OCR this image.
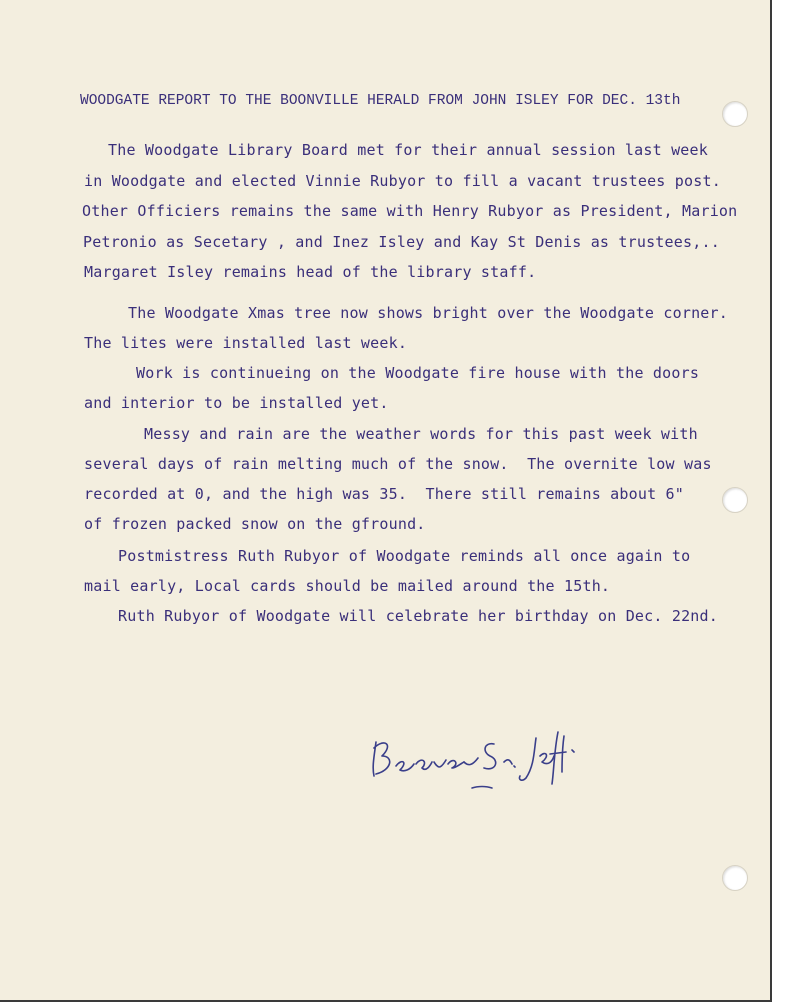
WOODGATE REPORT TO THE BOONVILLE HERALD FROM JOHN ISLEY FOR DEC. 13th
The Woodgate Library Board met for their annual session last week
in Woodgate and elected Vinnie Rubyor to fill a vacant trustees post.
Other Officiers remains the same with Henry Rubyor as President, Marion
Petronio as Secetary , and Inez Isley and Kay St Denis as trustees,..
Margaret Isley remains head of the library staff.
The Woodgate Xmas tree now shows bright over the Woodgate corner.
The lites were installed last week.
Work is continueing on the Woodgate fire house with the doors
and interior to be installed yet.
Messy and rain are the weather words for this past week with
several days of rain melting much of the snow.  The overnite low was
recorded at 0, and the high was 35.  There still remains about 6"
of frozen packed snow on the gfround.
Postmistress Ruth Rubyor of Woodgate reminds all once again to
mail early, Local cards should be mailed around the 15th.
Ruth Rubyor of Woodgate will celebrate her birthday on Dec. 22nd.
